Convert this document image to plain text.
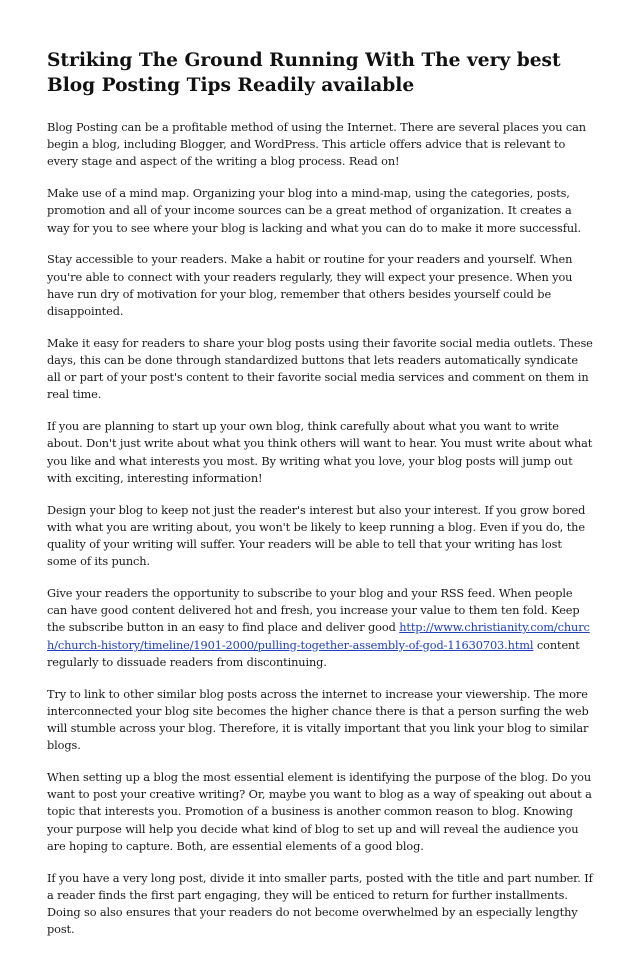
Striking The Ground Running With The very best Blog Posting Tips Readily available

Blog Posting can be a profitable method of using the Internet. There are several places you can begin a blog, including Blogger, and WordPress. This article offers advice that is relevant to every stage and aspect of the writing a blog process. Read on!

Make use of a mind map. Organizing your blog into a mind-map, using the categories, posts, promotion and all of your income sources can be a great method of organization. It creates a way for you to see where your blog is lacking and what you can do to make it more successful.

Stay accessible to your readers. Make a habit or routine for your readers and yourself. When you're able to connect with your readers regularly, they will expect your presence. When you have run dry of motivation for your blog, remember that others besides yourself could be disappointed.

Make it easy for readers to share your blog posts using their favorite social media outlets. These days, this can be done through standardized buttons that lets readers automatically syndicate all or part of your post's content to their favorite social media services and comment on them in real time.

If you are planning to start up your own blog, think carefully about what you want to write about. Don't just write about what you think others will want to hear. You must write about what you like and what interests you most. By writing what you love, your blog posts will jump out with exciting, interesting information!

Design your blog to keep not just the reader's interest but also your interest. If you grow bored with what you are writing about, you won't be likely to keep running a blog. Even if you do, the quality of your writing will suffer. Your readers will be able to tell that your writing has lost some of its punch.

Give your readers the opportunity to subscribe to your blog and your RSS feed. When people can have good content delivered hot and fresh, you increase your value to them ten fold. Keep the subscribe button in an easy to find place and deliver good http://www.christianity.com/church/church-history/timeline/1901-2000/pulling-together-assembly-of-god-11630703.html content regularly to dissuade readers from discontinuing.

Try to link to other similar blog posts across the internet to increase your viewership. The more interconnected your blog site becomes the higher chance there is that a person surfing the web will stumble across your blog. Therefore, it is vitally important that you link your blog to similar blogs.

When setting up a blog the most essential element is identifying the purpose of the blog. Do you want to post your creative writing? Or, maybe you want to blog as a way of speaking out about a topic that interests you. Promotion of a business is another common reason to blog. Knowing your purpose will help you decide what kind of blog to set up and will reveal the audience you are hoping to capture. Both, are essential elements of a good blog.

If you have a very long post, divide it into smaller parts, posted with the title and part number. If a reader finds the first part engaging, they will be enticed to return for further installments. Doing so also ensures that your readers do not become overwhelmed by an especially lengthy post.
